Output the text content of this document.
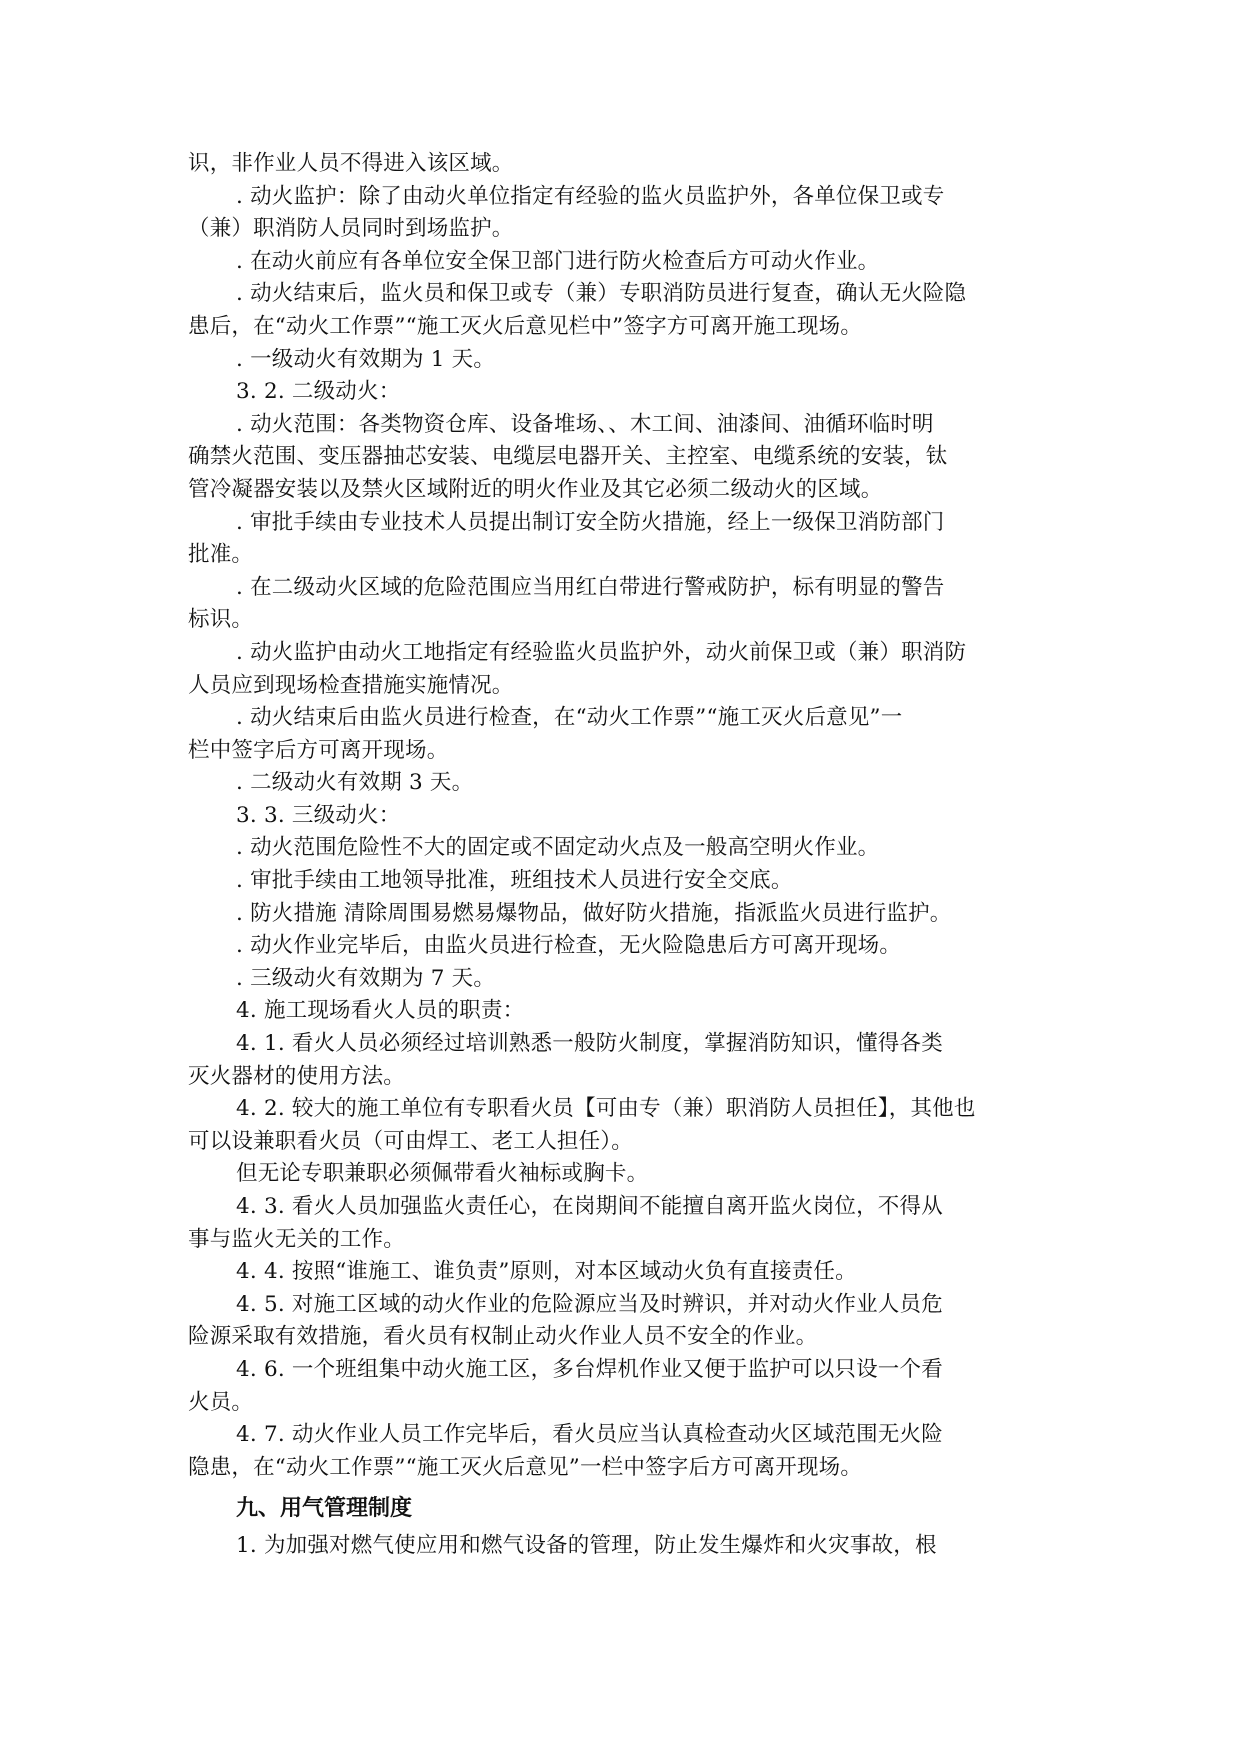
识，非作业人员不得进入该区域。
. 动火监护：除了由动火单位指定有经验的监火员监护外，各单位保卫或专
（兼）职消防人员同时到场监护。
. 在动火前应有各单位安全保卫部门进行防火检查后方可动火作业。
. 动火结束后，监火员和保卫或专（兼）专职消防员进行复查，确认无火险隐
患后，在“动火工作票”“施工灭火后意见栏中”签字方可离开施工现场。
. 一级动火有效期为 1 天。
3. 2. 二级动火：
. 动火范围：各类物资仓库、设备堆场、、木工间、油漆间、油循环临时明
确禁火范围、变压器抽芯安装、电缆层电器开关、主控室、电缆系统的安装，钛
管冷凝器安装以及禁火区域附近的明火作业及其它必须二级动火的区域。
. 审批手续由专业技术人员提出制订安全防火措施，经上一级保卫消防部门
批准。
. 在二级动火区域的危险范围应当用红白带进行警戒防护，标有明显的警告
标识。
. 动火监护由动火工地指定有经验监火员监护外，动火前保卫或（兼）职消防
人员应到现场检查措施实施情况。
. 动火结束后由监火员进行检查，在“动火工作票”“施工灭火后意见”一
栏中签字后方可离开现场。
. 二级动火有效期 3 天。
3. 3. 三级动火：
. 动火范围危险性不大的固定或不固定动火点及一般高空明火作业。
. 审批手续由工地领导批准，班组技术人员进行安全交底。
. 防火措施 清除周围易燃易爆物品，做好防火措施，指派监火员进行监护。
. 动火作业完毕后，由监火员进行检查，无火险隐患后方可离开现场。
. 三级动火有效期为 7 天。
4. 施工现场看火人员的职责：
4. 1. 看火人员必须经过培训熟悉一般防火制度，掌握消防知识，懂得各类
灭火器材的使用方法。
4. 2. 较大的施工单位有专职看火员【可由专（兼）职消防人员担任】，其他也
可以设兼职看火员（可由焊工、老工人担任）。
但无论专职兼职必须佩带看火袖标或胸卡。
4. 3. 看火人员加强监火责任心，在岗期间不能擅自离开监火岗位，不得从
事与监火无关的工作。
4. 4. 按照“谁施工、谁负责”原则，对本区域动火负有直接责任。
4. 5. 对施工区域的动火作业的危险源应当及时辨识，并对动火作业人员危
险源采取有效措施，看火员有权制止动火作业人员不安全的作业。
4. 6. 一个班组集中动火施工区，多台焊机作业又便于监护可以只设一个看
火员。
4. 7. 动火作业人员工作完毕后，看火员应当认真检查动火区域范围无火险
隐患，在“动火工作票”“施工灭火后意见”一栏中签字后方可离开现场。
九、用气管理制度
1. 为加强对燃气使应用和燃气设备的管理，防止发生爆炸和火灾事故，根
